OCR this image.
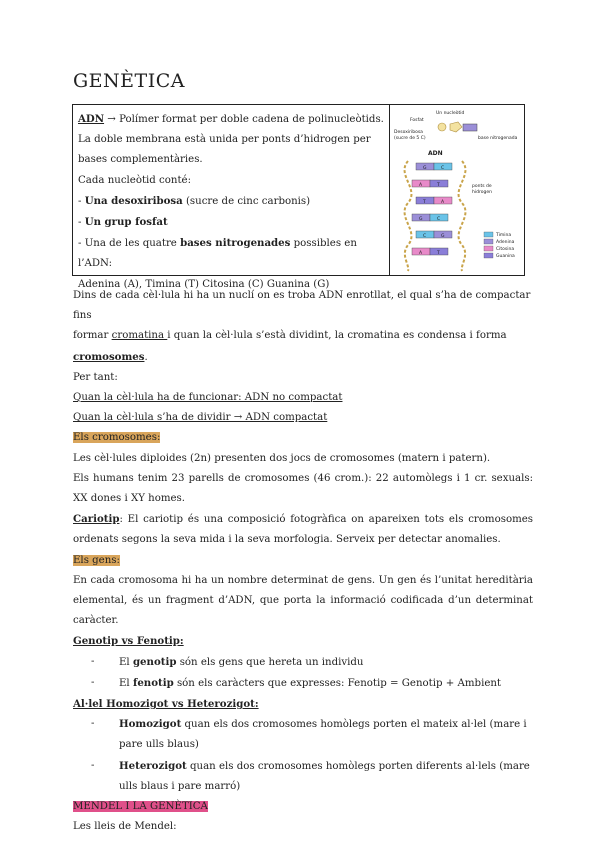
GENÈTICA

ADN → Polímer format per doble cadena de polinucleòtids. La doble membrana està unida per ponts d’hidrogen per bases complementàries.

Cada nucleòtid conté:

- Una desoxiribosa (sucre de cinc carbonis)

- Un grup fosfat

- Una de les quatre bases nitrogenades possibles en l’ADN:

Adenina (A), Timina (T) Citosina (C) Guanina (G)

Un nucleòtid
Fosfat
Desoxiribosa
(sucre de 5 C)	base nitrogenada
ADN
G	C
A	T
T	A
G	C
C	G
A	T
ponts de
hidrogen
Timina
Adenina
Citosina
Guanina

Dins de cada cèl·lula hi ha un nuclí on es troba ADN enrotllat, el qual s’ha de compactar fins

formar cromatina i quan la cèl·lula s’està dividint, la cromatina es condensa i forma cromosomes.

Per tant:

Quan la cèl·lula ha de funcionar: ADN no compactat

Quan la cèl·lula s’ha de dividir → ADN compactat

Els cromosomes:

Les cèl·lules diploides (2n) presenten dos jocs de cromosomes (matern i patern).

Els humans tenim 23 parells de cromosomes (46 crom.): 22 automòlegs i 1 cr. sexuals: XX dones i XY homes.

Cariotip: El cariotip és una composició fotogràfica on apareixen tots els cromosomes ordenats segons la seva mida i la seva morfologia. Serveix per detectar anomalies.

Els gens:

En cada cromosoma hi ha un nombre determinat de gens. Un gen és l’unitat hereditària elemental, és un fragment d’ADN, que porta la informació codificada d’un determinat caràcter.

Genotip vs Fenotip:

-	El genotip són els gens que hereta un individu
-	El fenotip són els caràcters que expresses: Fenotip = Genotip + Ambient

Al·lel Homozigot vs Heterozigot:

-	Homozigot quan els dos cromosomes homòlegs porten el mateix al·lel (mare i pare ulls blaus)
-	Heterozigot quan els dos cromosomes homòlegs porten diferents al·lels (mare ulls blaus i pare marró)

MENDEL I LA GENÈTICA

Les lleis de Mendel:
